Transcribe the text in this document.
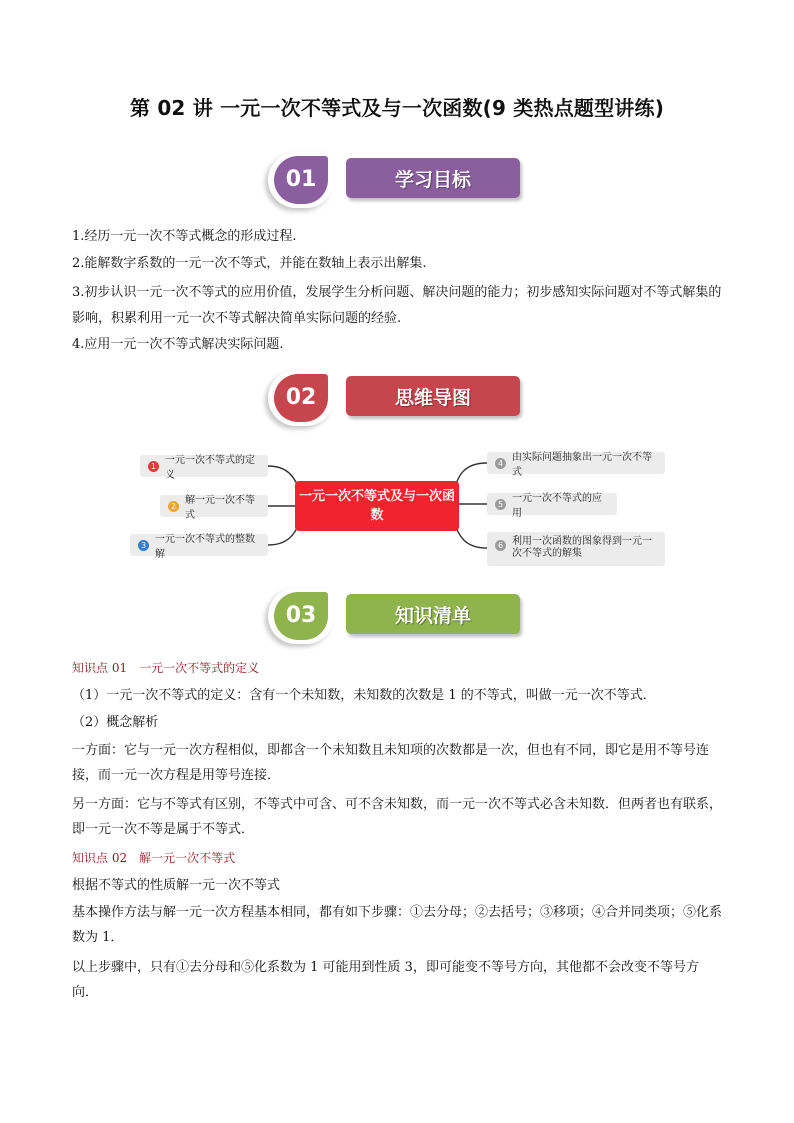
第 02 讲 一元一次不等式及与一次函数(9 类热点题型讲练)
学习目标
01
1.经历一元一次不等式概念的形成过程.
2.能解数字系数的一元一次不等式，并能在数轴上表示出解集.
3.初步认识一元一次不等式的应用价值，发展学生分析问题、解决问题的能力；初步感知实际问题对不等式解集的影响，积累利用一元一次不等式解决简单实际问题的经验.
4.应用一元一次不等式解决实际问题.
思维导图
02
1 一元一次不等式的定义
2 解一元一次不等式
3 一元一次不等式的整数解
一元一次不等式及与一次函数
4 由实际问题抽象出一元一次不等式
5 一元一次不等式的应用
6 利用一次函数的图象得到一元一次不等式的解集
知识清单
03
知识点 01　一元一次不等式的定义
（1）一元一次不等式的定义：含有一个未知数，未知数的次数是 1 的不等式，叫做一元一次不等式．
（2）概念解析
一方面：它与一元一次方程相似，即都含一个未知数且未知项的次数都是一次，但也有不同，即它是用不等号连接，而一元一次方程是用等号连接．
另一方面：它与不等式有区别，不等式中可含、可不含未知数，而一元一次不等式必含未知数．但两者也有联系，即一元一次不等是属于不等式．
知识点 02　解一元一次不等式
根据不等式的性质解一元一次不等式
基本操作方法与解一元一次方程基本相同，都有如下步骤：①去分母；②去括号；③移项；④合并同类项；⑤化系数为 1．
以上步骤中，只有①去分母和⑤化系数为 1 可能用到性质 3，即可能变不等号方向，其他都不会改变不等号方向．
